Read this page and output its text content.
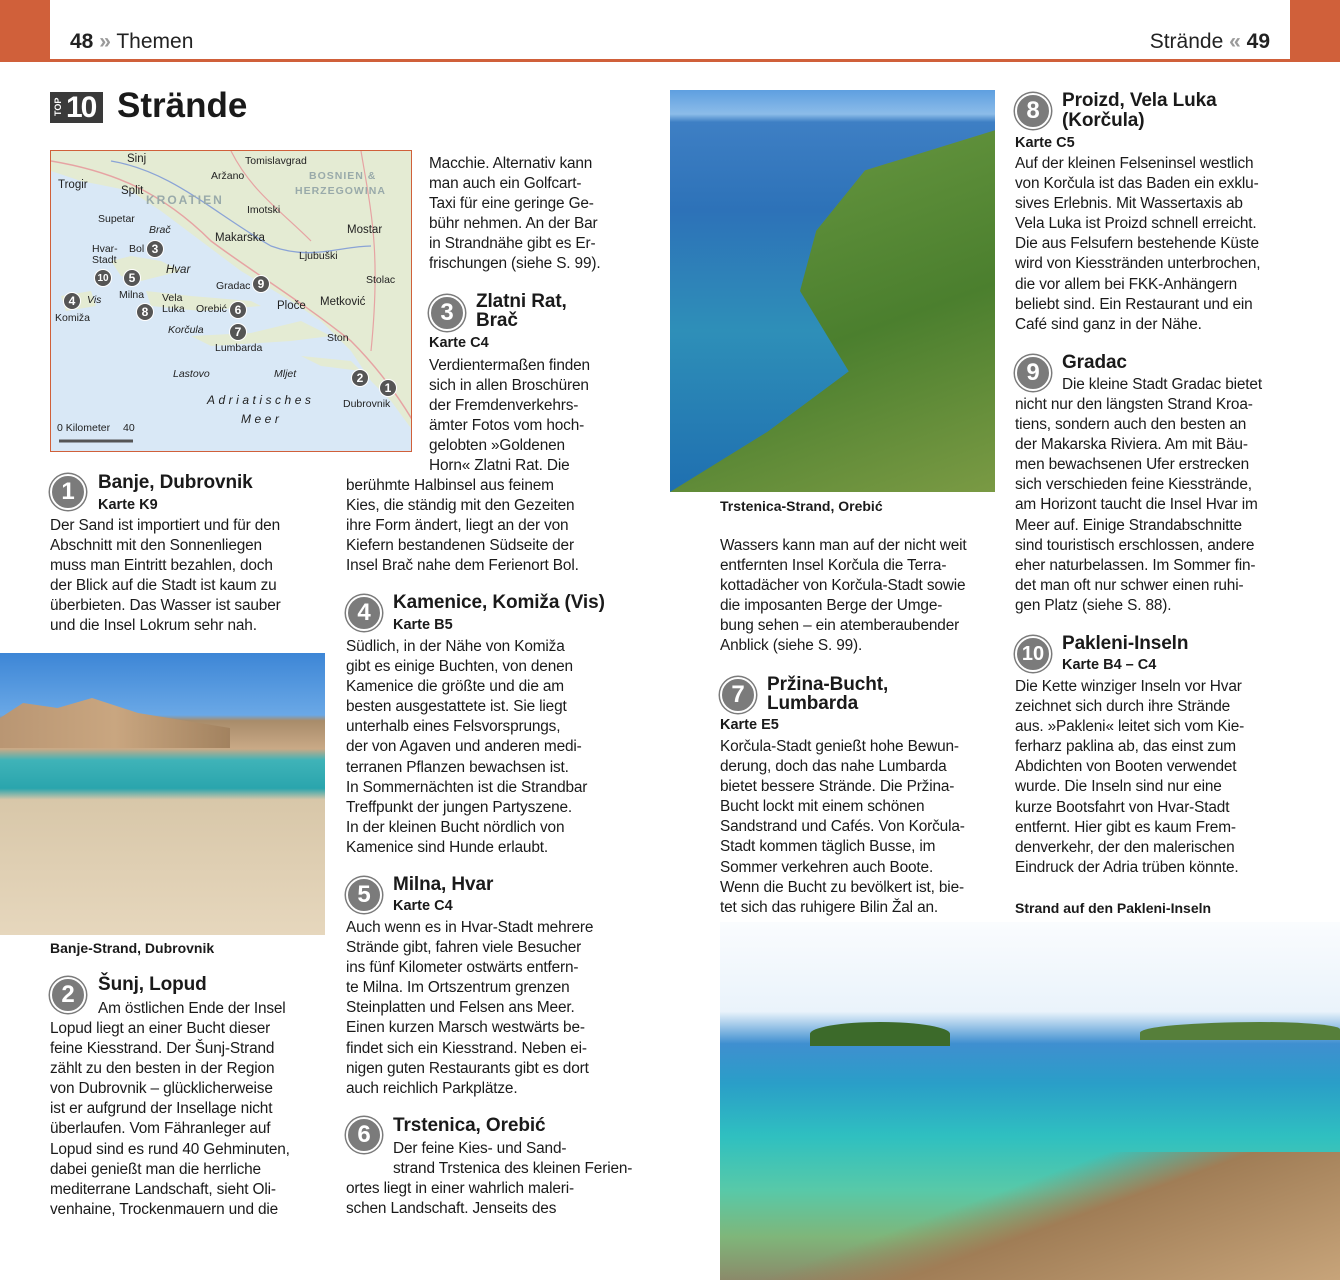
48 » Themen	Strände « 49
TOP 10 Strände
Sinj	Tomislavgrad
Trogir	Split
Aržano	BOSNIEN &
HERZEGOWINA
KROATIEN
Imotski
Supetar
Brač
Makarska
Mostar
Bol
Hvar-
Stadt	Ljubuški
Hvar
Stolac
Gradac
Milna
Vis
Komiža
Vela
Luka Orebić	Ploče Metković
Korčula
Lumbarda
Ston
Lastovo	Mljet
Adriatisches
Meer
Dubrovnik
0 Kilometer 40
1
2
3
4
5
6
7
8
9
10
1	Banje, Dubrovnik
Karte K9
Der Sand ist importiert und für den
Abschnitt mit den Sonnenliegen
muss man Eintritt bezahlen, doch
der Blick auf die Stadt ist kaum zu
überbieten. Das Wasser ist sauber
und die Insel Lokrum sehr nah.
Banje-Strand, Dubrovnik
2	Šunj, Lopud
Am östlichen Ende der Insel
Lopud liegt an einer Bucht dieser
feine Kiesstrand. Der Šunj-Strand
zählt zu den besten in der Region
von Dubrovnik – glücklicherweise
ist er aufgrund der Insellage nicht
überlaufen. Vom Fähranleger auf
Lopud sind es rund 40 Gehminuten,
dabei genießt man die herrliche
mediterrane Landschaft, sieht Oli-
venhaine, Trockenmauern und die
Macchie. Alternativ kann
man auch ein Golfcart-
Taxi für eine geringe Ge-
bühr nehmen. An der Bar
in Strandnähe gibt es Er-
frischungen (siehe S. 99).
3	Zlatni Rat,
Brač
Karte C4
Verdientermaßen finden
sich in allen Broschüren
der Fremdenverkehrs-
ämter Fotos vom hoch-
gelobten »Goldenen
Horn« Zlatni Rat. Die
berühmte Halbinsel aus feinem
Kies, die ständig mit den Gezeiten
ihre Form ändert, liegt an der von
Kiefern bestandenen Südseite der
Insel Brač nahe dem Ferienort Bol.
4	Kamenice, Komiža (Vis)
Karte B5
Südlich, in der Nähe von Komiža
gibt es einige Buchten, von denen
Kamenice die größte und die am
besten ausgestattete ist. Sie liegt
unterhalb eines Felsvorsprungs,
der von Agaven und anderen medi-
terranen Pflanzen bewachsen ist.
In Sommernächten ist die Strandbar
Treffpunkt der jungen Partyszene.
In der kleinen Bucht nördlich von
Kamenice sind Hunde erlaubt.
5	Milna, Hvar
Karte C4
Auch wenn es in Hvar-Stadt mehrere
Strände gibt, fahren viele Besucher
ins fünf Kilometer ostwärts entfern-
te Milna. Im Ortszentrum grenzen
Steinplatten und Felsen ans Meer.
Einen kurzen Marsch westwärts be-
findet sich ein Kiesstrand. Neben ei-
nigen guten Restaurants gibt es dort
auch reichlich Parkplätze.
6	Trstenica, Orebić
Der feine Kies- und Sand-
strand Trstenica des kleinen Ferien-
ortes liegt in einer wahrlich maleri-
schen Landschaft. Jenseits des
Trstenica-Strand, Orebić
Wassers kann man auf der nicht weit
entfernten Insel Korčula die Terra-
kottadächer von Korčula-Stadt sowie
die imposanten Berge der Umge-
bung sehen – ein atemberaubender
Anblick (siehe S. 99).
7	Pržina-Bucht,
Lumbarda
Karte E5
Korčula-Stadt genießt hohe Bewun-
derung, doch das nahe Lumbarda
bietet bessere Strände. Die Pržina-
Bucht lockt mit einem schönen
Sandstrand und Cafés. Von Korčula-
Stadt kommen täglich Busse, im
Sommer verkehren auch Boote.
Wenn die Bucht zu bevölkert ist, bie-
tet sich das ruhigere Bilin Žal an.
8	Proizd, Vela Luka
(Korčula)
Karte C5
Auf der kleinen Felseninsel westlich
von Korčula ist das Baden ein exklu-
sives Erlebnis. Mit Wassertaxis ab
Vela Luka ist Proizd schnell erreicht.
Die aus Felsufern bestehende Küste
wird von Kiesstränden unterbrochen,
die vor allem bei FKK-Anhängern
beliebt sind. Ein Restaurant und ein
Café sind ganz in der Nähe.
9	Gradac
Die kleine Stadt Gradac bietet
nicht nur den längsten Strand Kroa-
tiens, sondern auch den besten an
der Makarska Riviera. Am mit Bäu-
men bewachsenen Ufer erstrecken
sich verschieden feine Kiesstrände,
am Horizont taucht die Insel Hvar im
Meer auf. Einige Strandabschnitte
sind touristisch erschlossen, andere
eher naturbelassen. Im Sommer fin-
det man oft nur schwer einen ruhi-
gen Platz (siehe S. 88).
10 Pakleni-Inseln
Karte B4 – C4
Die Kette winziger Inseln vor Hvar
zeichnet sich durch ihre Strände
aus. »Pakleni« leitet sich vom Kie-
ferharz paklina ab, das einst zum
Abdichten von Booten verwendet
wurde. Die Inseln sind nur eine
kurze Bootsfahrt von Hvar-Stadt
entfernt. Hier gibt es kaum Frem-
denverkehr, der den malerischen
Eindruck der Adria trüben könnte.
Strand auf den Pakleni-Inseln
